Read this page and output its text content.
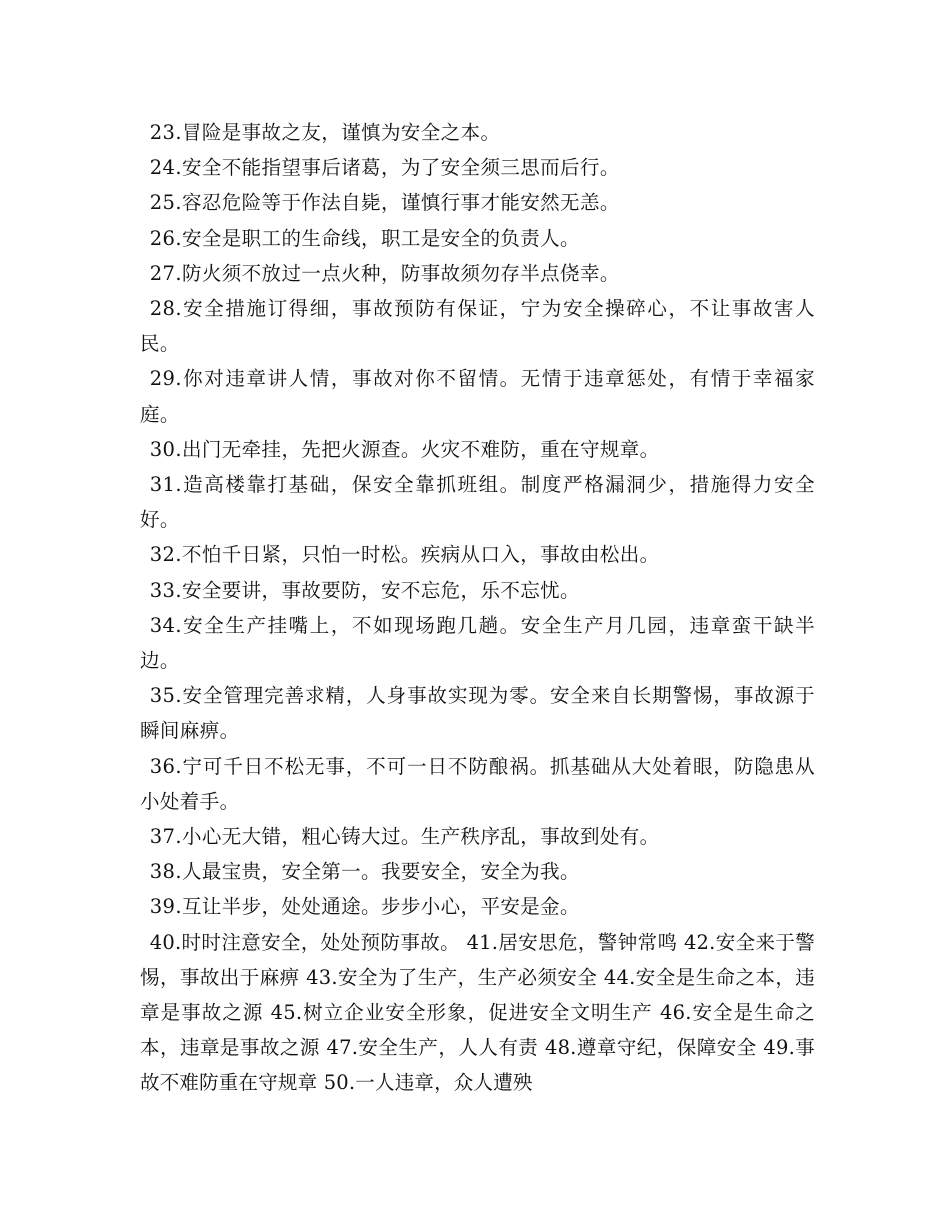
23.冒险是事故之友，谨慎为安全之本。

24.安全不能指望事后诸葛，为了安全须三思而后行。

25.容忍危险等于作法自毙，谨慎行事才能安然无恙。

26.安全是职工的生命线，职工是安全的负责人。

27.防火须不放过一点火种，防事故须勿存半点侥幸。

28.安全措施订得细，事故预防有保证，宁为安全操碎心，不让事故害人民。

29.你对违章讲人情，事故对你不留情。无情于违章惩处，有情于幸福家庭。

30.出门无牵挂，先把火源查。火灾不难防，重在守规章。

31.造高楼靠打基础，保安全靠抓班组。制度严格漏洞少，措施得力安全好。

32.不怕千日紧，只怕一时松。疾病从口入，事故由松出。

33.安全要讲，事故要防，安不忘危，乐不忘忧。

34.安全生产挂嘴上，不如现场跑几趟。安全生产月几园，违章蛮干缺半边。

35.安全管理完善求精，人身事故实现为零。安全来自长期警惕，事故源于瞬间麻痹。

36.宁可千日不松无事，不可一日不防酿祸。抓基础从大处着眼，防隐患从小处着手。

37.小心无大错，粗心铸大过。生产秩序乱，事故到处有。

38.人最宝贵，安全第一。我要安全，安全为我。

39.互让半步，处处通途。步步小心，平安是金。

40.时时注意安全，处处预防事故。 41.居安思危，警钟常鸣 42.安全来于警惕，事故出于麻痹 43.安全为了生产，生产必须安全 44.安全是生命之本，违章是事故之源 45.树立企业安全形象，促进安全文明生产 46.安全是生命之本，违章是事故之源 47.安全生产，人人有责 48.遵章守纪，保障安全 49.事故不难防重在守规章 50.一人违章，众人遭殃
